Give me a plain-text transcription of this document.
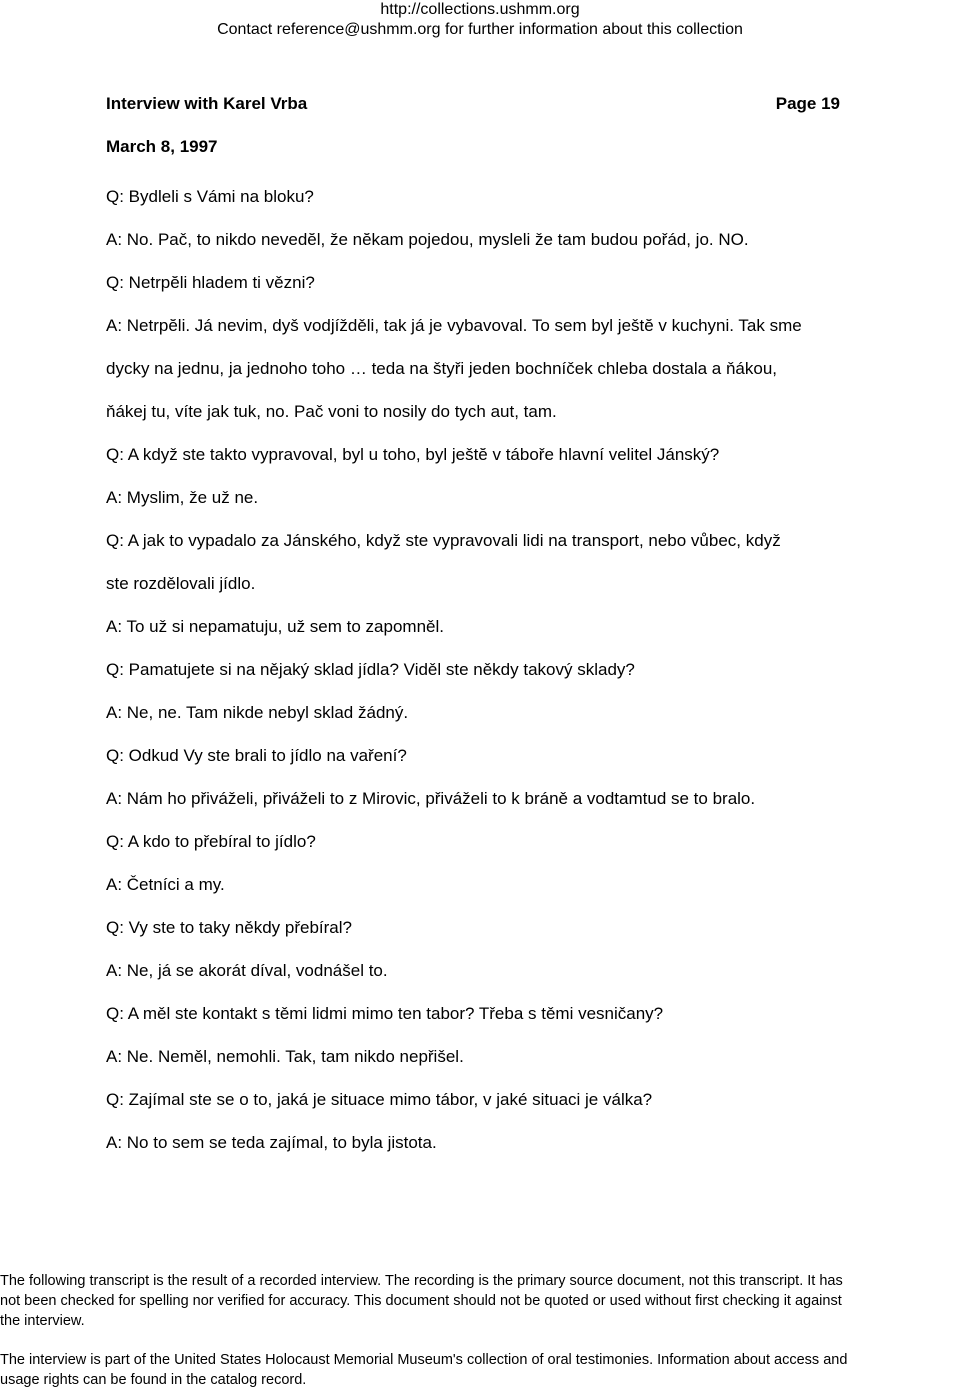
http://collections.ushmm.org
Contact reference@ushmm.org for further information about this collection
Interview with Karel Vrba	Page 19
March 8, 1997

Q: Bydleli s Vámi na bloku?

A: No. Pač, to nikdo nevedĕl, že nĕkam pojedou, mysleli že tam budou pořád, jo. NO.

Q: Netrpĕli hladem ti vězni?

A: Netrpĕli. Já nevim, dyš vodjížděli, tak já je vybavoval. To sem byl ještĕ v kuchyni. Tak sme

dycky na jednu, ja jednoho toho … teda na štyři jeden bochníček chleba dostala a ňákou,

ňákej tu, víte jak tuk, no. Pač voni to nosily do tych aut, tam.

Q: A když ste takto vypravoval, byl u toho, byl ještĕ v táboře hlavní velitel Jánský?

A: Myslim, že už ne.

Q: A jak to vypadalo za Jánského, když ste vypravovali lidi na transport, nebo vůbec, když

ste rozdělovali jídlo.

A: To už si nepamatuju, už sem to zapomněl.

Q: Pamatujete si na nějaký sklad jídla? Viděl ste někdy takový sklady?

A: Ne, ne. Tam nikde nebyl sklad žádný.

Q: Odkud Vy ste brali to jídlo na vaření?

A: Nám ho přiváželi, přiváželi to z Mirovic, přiváželi to k bráně a vodtamtud se to bralo.

Q: A kdo to přebíral to jídlo?

A: Četníci a my.

Q: Vy ste to taky někdy přebíral?

A: Ne, já se akorát díval, vodnášel to.

Q: A měl ste kontakt s těmi lidmi mimo ten tabor? Třeba s těmi vesničany?

A: Ne. Neměl, nemohli. Tak, tam nikdo nepřišel.

Q: Zajímal ste se o to, jaká je situace mimo tábor, v jaké situaci je válka?

A: No to sem se teda zajímal, to byla jistota.

The following transcript is the result of a recorded interview. The recording is the primary source document, not this transcript. It has

not been checked for spelling nor verified for accuracy. This document should not be quoted or used without first checking it against

the interview.

The interview is part of the United States Holocaust Memorial Museum's collection of oral testimonies. Information about access and

usage rights can be found in the catalog record.
